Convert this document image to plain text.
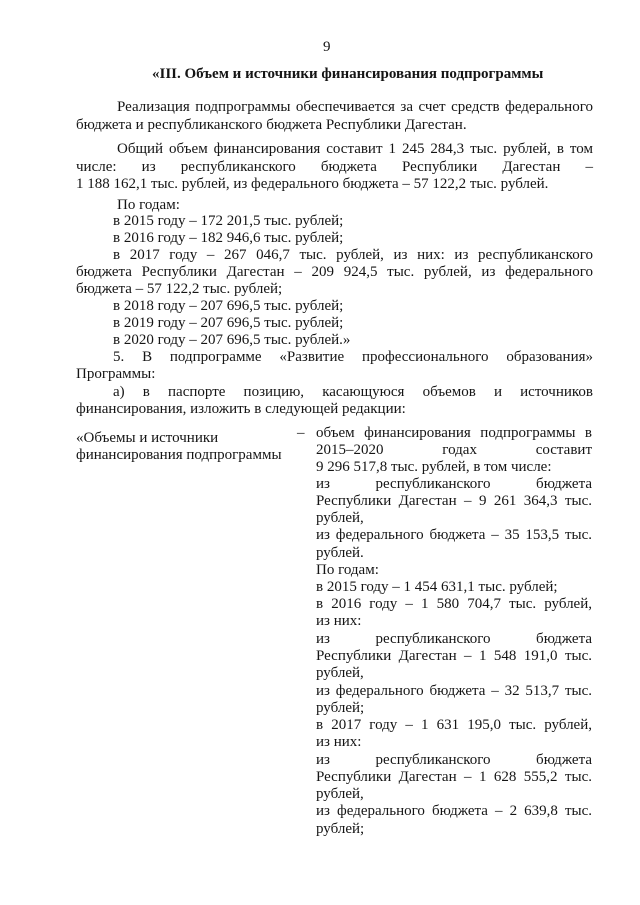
9

«III. Объем и источники финансирования подпрограммы

Реализация подпрограммы обеспечивается за счет средств федерального

бюджета и республиканского бюджета Республики Дагестан.

Общий объем финансирования составит 1 245 284,3 тыс. рублей, в том

числе: из республиканского бюджета Республики Дагестан –

1 188 162,1 тыс. рублей, из федерального бюджета – 57 122,2 тыс. рублей.

По годам:

в 2015 году – 172 201,5 тыс. рублей;

в 2016 году – 182 946,6 тыс. рублей;

в 2017 году – 267 046,7 тыс. рублей, из них: из республиканского

бюджета Республики Дагестан – 209 924,5 тыс. рублей, из федерального

бюджета – 57 122,2 тыс. рублей;

в 2018 году – 207 696,5 тыс. рублей;

в 2019 году – 207 696,5 тыс. рублей;

в 2020 году – 207 696,5 тыс. рублей.»

5. В подпрограмме «Развитие профессионального образования»

Программы:

а) в паспорте позицию, касающуюся объемов и источников

финансирования, изложить в следующей редакции:

«Объемы и источники

финансирования подпрограммы

– объем финансирования подпрограммы в

2015–2020 годах составит

9 296 517,8 тыс. рублей, в том числе:

из республиканского бюджета

Республики Дагестан – 9 261 364,3 тыс.

рублей,

из федерального бюджета – 35 153,5 тыс.

рублей.

По годам:

в 2015 году – 1 454 631,1 тыс. рублей;

в 2016 году – 1 580 704,7 тыс. рублей,

из них:

из республиканского бюджета

Республики Дагестан – 1 548 191,0 тыс.

рублей,

из федерального бюджета – 32 513,7 тыс.

рублей;

в 2017 году – 1 631 195,0 тыс. рублей,

из них:

из республиканского бюджета

Республики Дагестан – 1 628 555,2 тыс.

рублей,

из федерального бюджета – 2 639,8 тыс.

рублей;
